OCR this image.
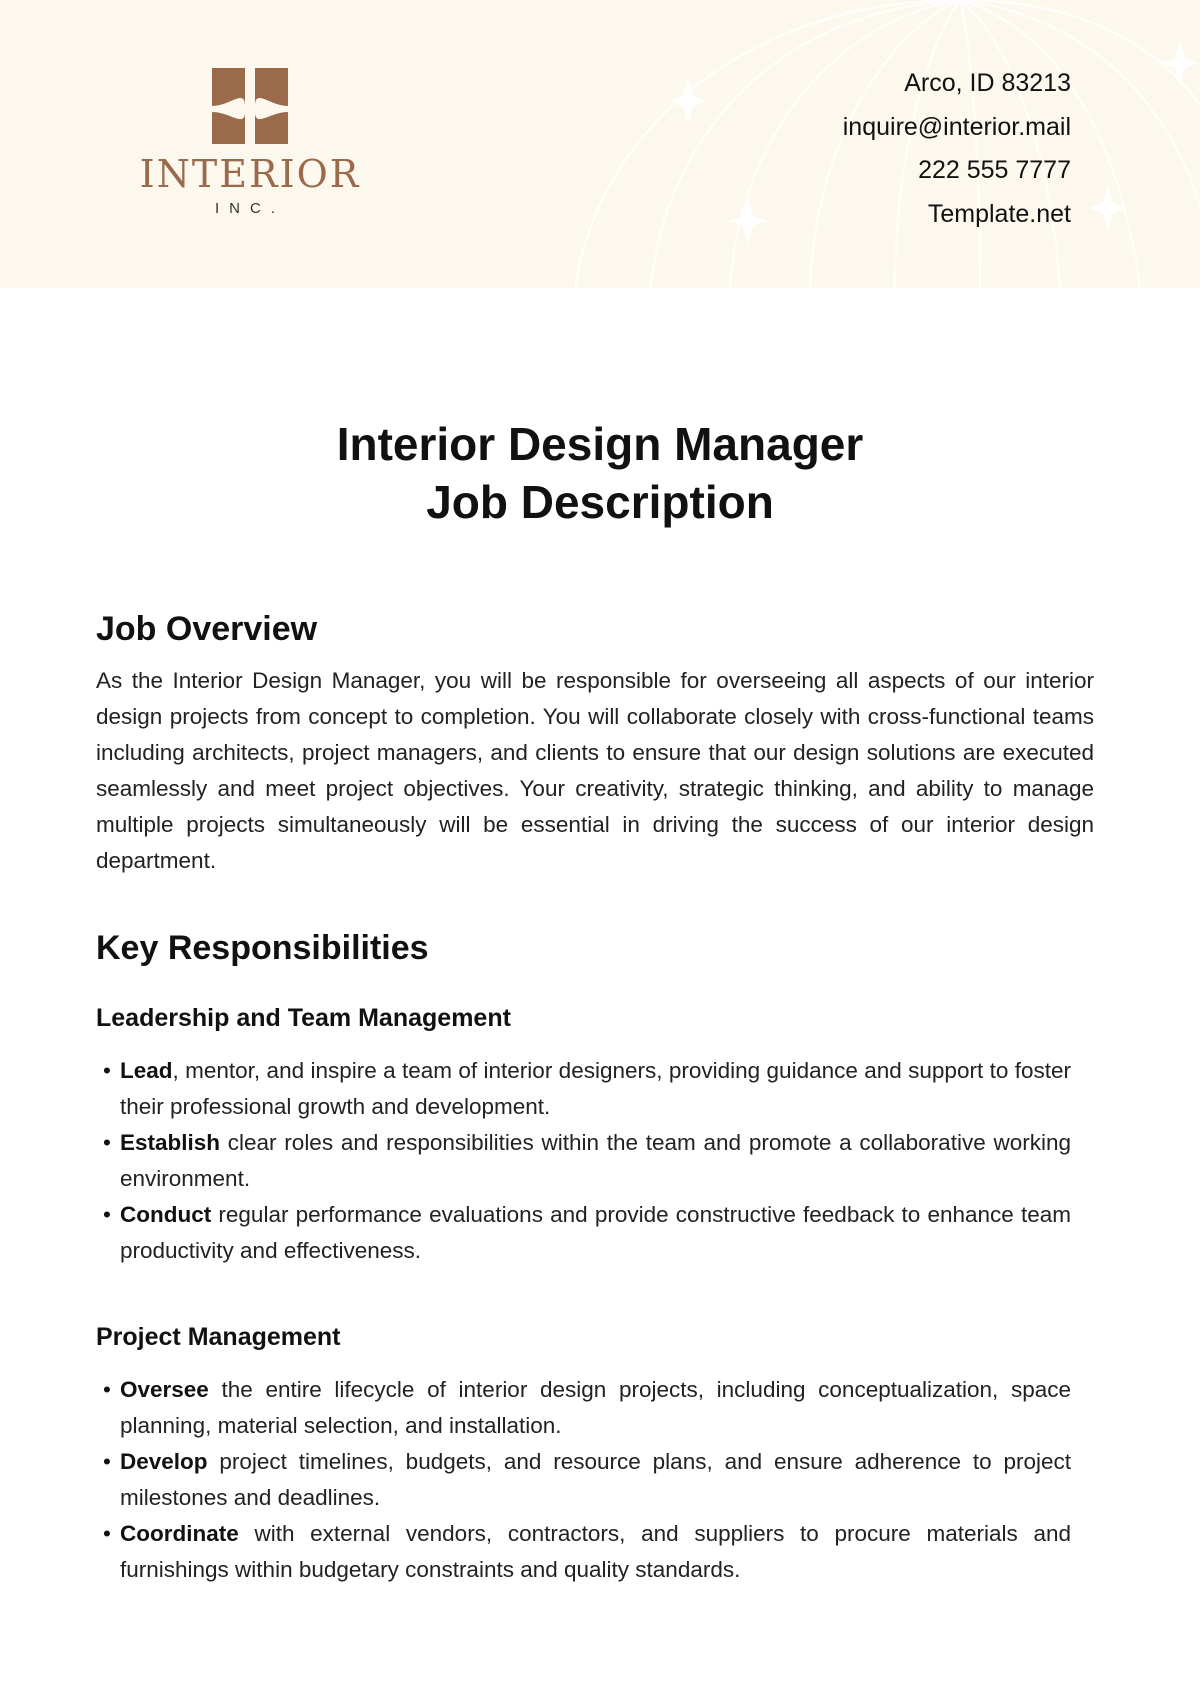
INTERIOR
INC.
Arco, ID 83213
inquire@interior.mail
222 555 7777
Template.net
Interior Design Manager
Job Description
Job Overview

As the Interior Design Manager, you will be responsible for overseeing all aspects of our interior design projects from concept to completion. You will collaborate closely with cross-functional teams including architects, project managers, and clients to ensure that our design solutions are executed seamlessly and meet project objectives. Your creativity, strategic thinking, and ability to manage multiple projects simultaneously will be essential in driving the success of our interior design department.

Key Responsibilities
Leadership and Team Management
• Lead, mentor, and inspire a team of interior designers, providing guidance and support to foster their professional growth and development.
• Establish clear roles and responsibilities within the team and promote a collaborative working environment.
• Conduct regular performance evaluations and provide constructive feedback to enhance team productivity and effectiveness.
Project Management
• Oversee the entire lifecycle of interior design projects, including conceptualization, space planning, material selection, and installation.
• Develop project timelines, budgets, and resource plans, and ensure adherence to project milestones and deadlines.
• Coordinate with external vendors, contractors, and suppliers to procure materials and furnishings within budgetary constraints and quality standards.
